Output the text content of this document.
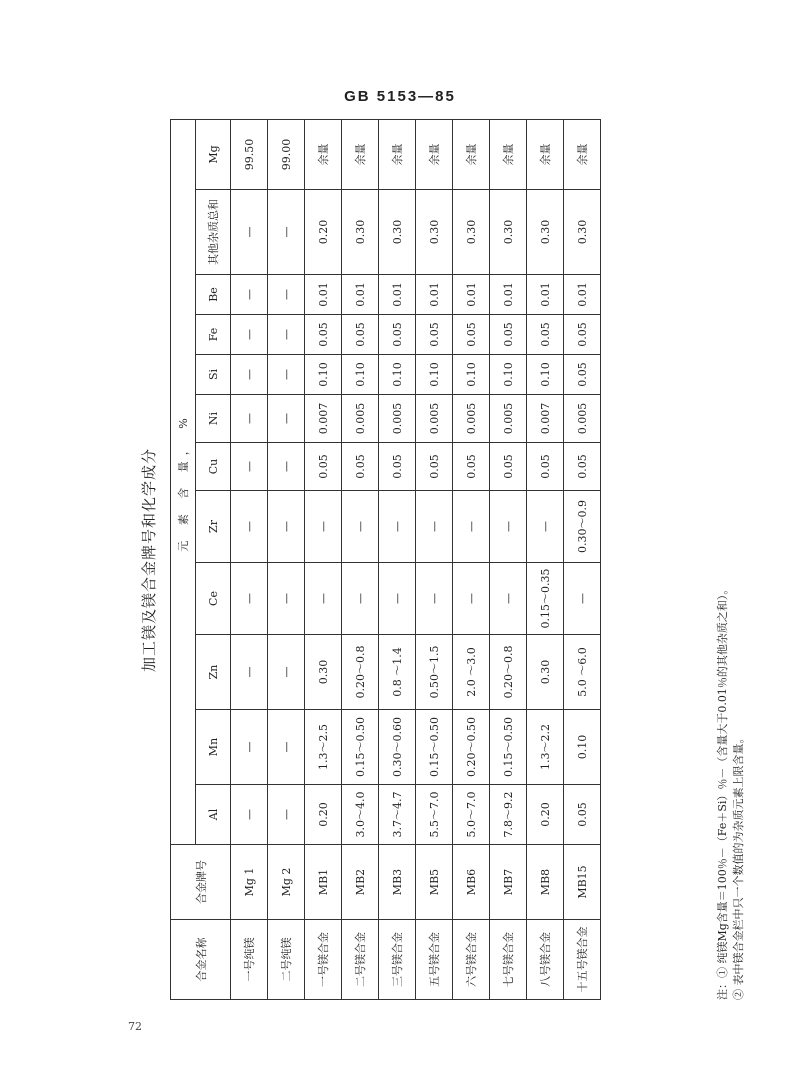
GB 5153—85
加工镁及镁合金牌号和化学成分
合金名称	合金牌号	元 素 含 量， %											
		Al	Mn	Zn	Ce	Zr	Cu	Ni	Si	Fe	Be	其他杂质总和	Mg
一号纯镁	Mg 1	—	—	—	—	—	—	—	—	—	—	—	99.50
二号纯镁	Mg 2	—	—	—	—	—	—	—	—	—	—	—	99.00
一号镁合金	MB1	0.20	1.3～2.5	0.30	—	—	0.05	0.007	0.10	0.05	0.01	0.20	余量
二号镁合金	MB2	3.0～4.0	0.15～0.50	0.20～0.8	—	—	0.05	0.005	0.10	0.05	0.01	0.30	余量
三号镁合金	MB3	3.7～4.7	0.30～0.60	0.8 ～1.4	—	—	0.05	0.005	0.10	0.05	0.01	0.30	余量
五号镁合金	MB5	5.5～7.0	0.15～0.50	0.50～1.5	—	—	0.05	0.005	0.10	0.05	0.01	0.30	余量
六号镁合金	MB6	5.0～7.0	0.20～0.50	2.0 ～3.0	—	—	0.05	0.005	0.10	0.05	0.01	0.30	余量
七号镁合金	MB7	7.8～9.2	0.15～0.50	0.20～0.8	—	—	0.05	0.005	0.10	0.05	0.01	0.30	余量
八号镁合金	MB8	0.20	1.3～2.2	0.30	0.15～0.35	—	0.05	0.007	0.10	0.05	0.01	0.30	余量
十五号镁合金	MB15	0.05	0.10	5.0 ～6.0	—	0.30～0.9	0.05	0.005	0.05	0.05	0.01	0.30	余量
注：① 纯镁Mg含量＝100％－（Fe＋Si）％－（含量大于0.01％的其他杂质之和）。 ② 表中镁合金栏中只一个数值的为杂质元素上限含量。
72
